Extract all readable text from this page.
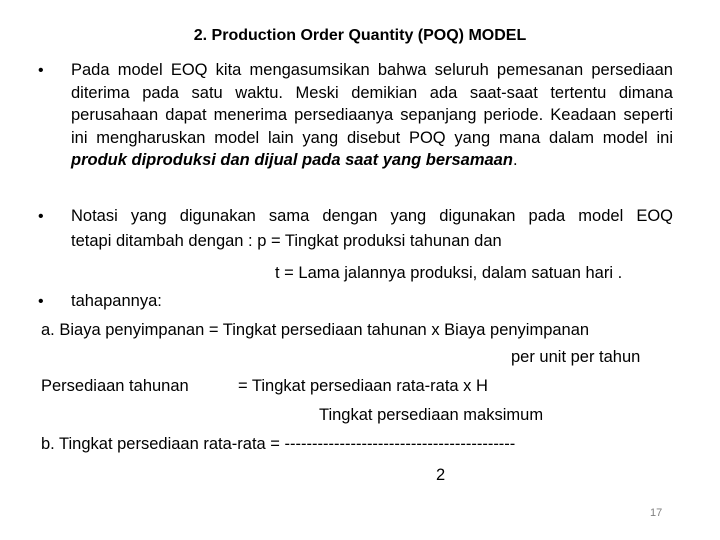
2. Production Order Quantity (POQ) MODEL
• Pada model EOQ kita mengasumsikan bahwa seluruh pemesanan persediaan diterima pada satu waktu. Meski demikian ada saat-saat tertentu dimana perusahaan dapat menerima persediaanya sepanjang periode. Keadaan seperti ini mengharuskan model lain yang disebut POQ yang mana dalam model ini produk diproduksi dan dijual pada saat yang bersamaan.
• Notasi yang digunakan sama dengan yang digunakan pada model EOQ
tetapi ditambah dengan : p = Tingkat produksi tahunan dan
t = Lama jalannya produksi, dalam satuan hari .
• tahapannya:
a. Biaya penyimpanan = Tingkat persediaan tahunan x Biaya penyimpanan
per unit per tahun
Persediaan tahunan	= Tingkat persediaan rata-rata x H
Tingkat persediaan maksimum
b. Tingkat persediaan rata-rata = ------------------------------------------
2
17
